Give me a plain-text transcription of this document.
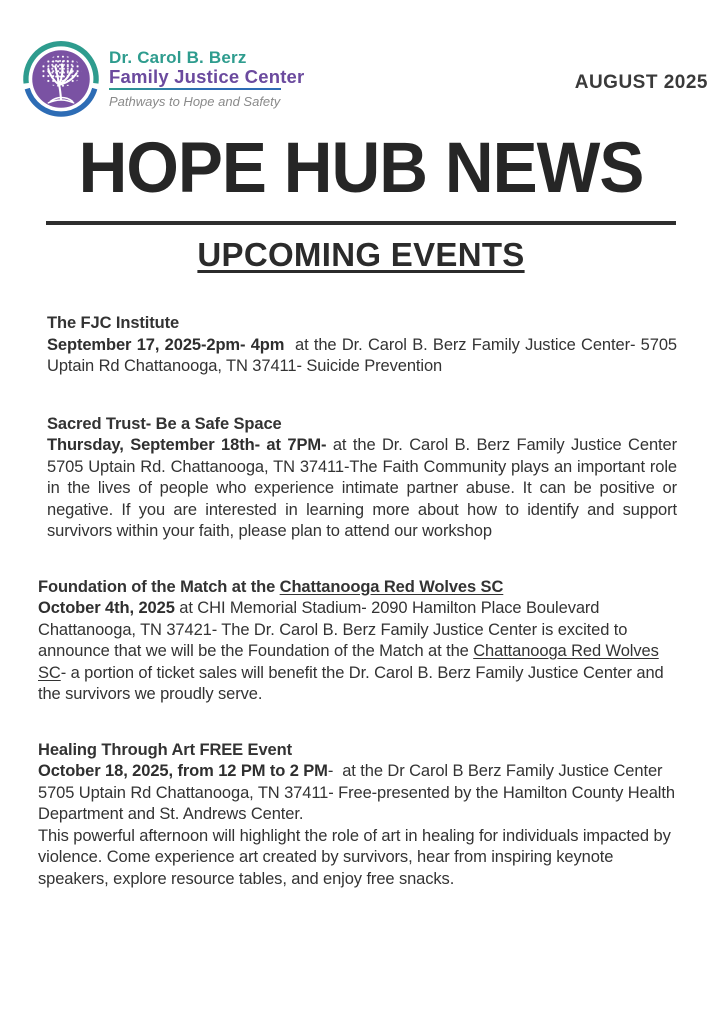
Dr. Carol B. Berz
Family Justice Center
Pathways to Hope and Safety
AUGUST 2025
HOPE HUB NEWS
UPCOMING EVENTS
The FJC Institute

September 17, 2025-2pm- 4pm  at the Dr. Carol B. Berz Family Justice Center- 5705 Uptain Rd Chattanooga, TN 37411- Suicide Prevention

Sacred Trust- Be a Safe Space

Thursday, September 18th- at 7PM- at the Dr. Carol B. Berz Family Justice Center 5705 Uptain Rd. Chattanooga, TN 37411-The Faith Community plays an important role in the lives of people who experience intimate partner abuse. It can be positive or negative. If you are interested in learning more about how to identify and support survivors within your faith, please plan to attend our workshop

Foundation of the Match at the Chattanooga Red Wolves SC

October 4th, 2025 at CHI Memorial Stadium- 2090 Hamilton Place Boulevard Chattanooga, TN 37421- The Dr. Carol B. Berz Family Justice Center is excited to announce that we will be the Foundation of the Match at the Chattanooga Red Wolves SC- a portion of ticket sales will benefit the Dr. Carol B. Berz Family Justice Center and the survivors we proudly serve.

Healing Through Art FREE Event

October 18, 2025, from 12 PM to 2 PM-  at the Dr Carol B Berz Family Justice Center 5705 Uptain Rd Chattanooga, TN 37411- Free-presented by the Hamilton County Health Department and St. Andrews Center.

This powerful afternoon will highlight the role of art in healing for individuals impacted by violence. Come experience art created by survivors, hear from inspiring keynote speakers, explore resource tables, and enjoy free snacks.
